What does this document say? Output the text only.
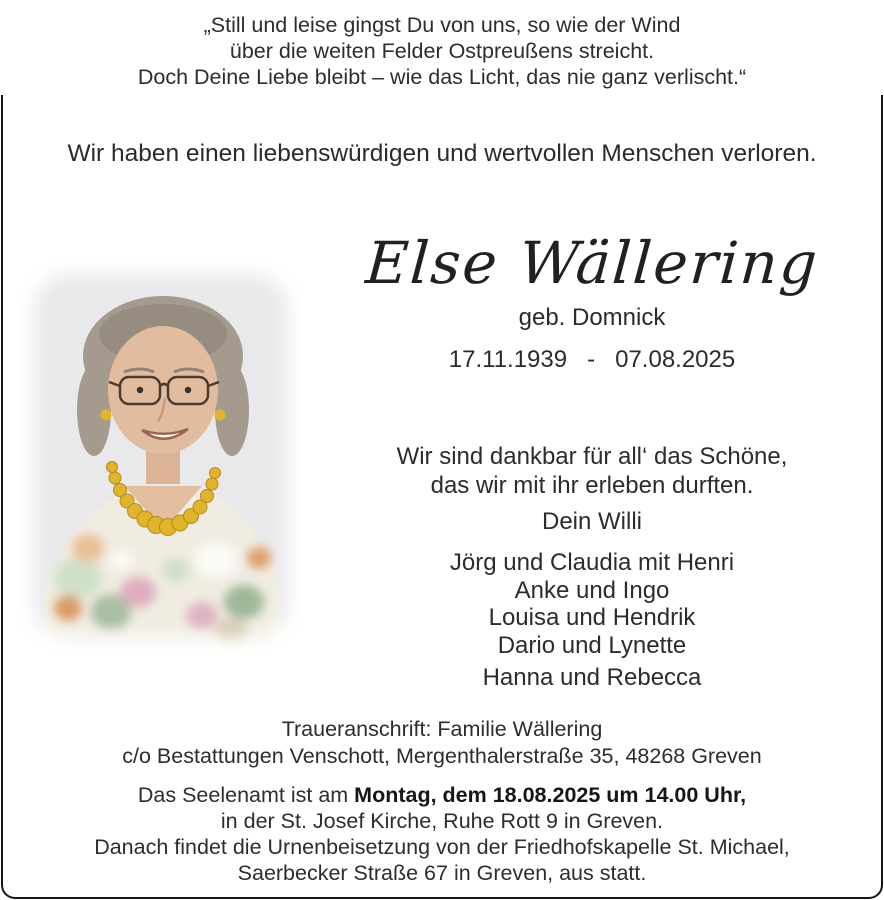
„Still und leise gingst Du von uns, so wie der Wind
über die weiten Felder Ostpreußens streicht.
Doch Deine Liebe bleibt – wie das Licht, das nie ganz verlischt.“
Wir haben einen liebenswürdigen und wertvollen Menschen verloren.
Else Wällering
geb. Domnick
17.11.1939 - 07.08.2025
Wir sind dankbar für all‘ das Schöne,
das wir mit ihr erleben durften.
Dein Willi
Jörg und Claudia mit Henri
Anke und Ingo
Louisa und Hendrik
Dario und Lynette
Hanna und Rebecca
Traueranschrift: Familie Wällering
c/o Bestattungen Venschott, Mergenthalerstraße 35, 48268 Greven
Das Seelenamt ist am Montag, dem 18.08.2025 um 14.00 Uhr,
in der St. Josef Kirche, Ruhe Rott 9 in Greven.
Danach findet die Urnenbeisetzung von der Friedhofskapelle St. Michael,
Saerbecker Straße 67 in Greven, aus statt.
